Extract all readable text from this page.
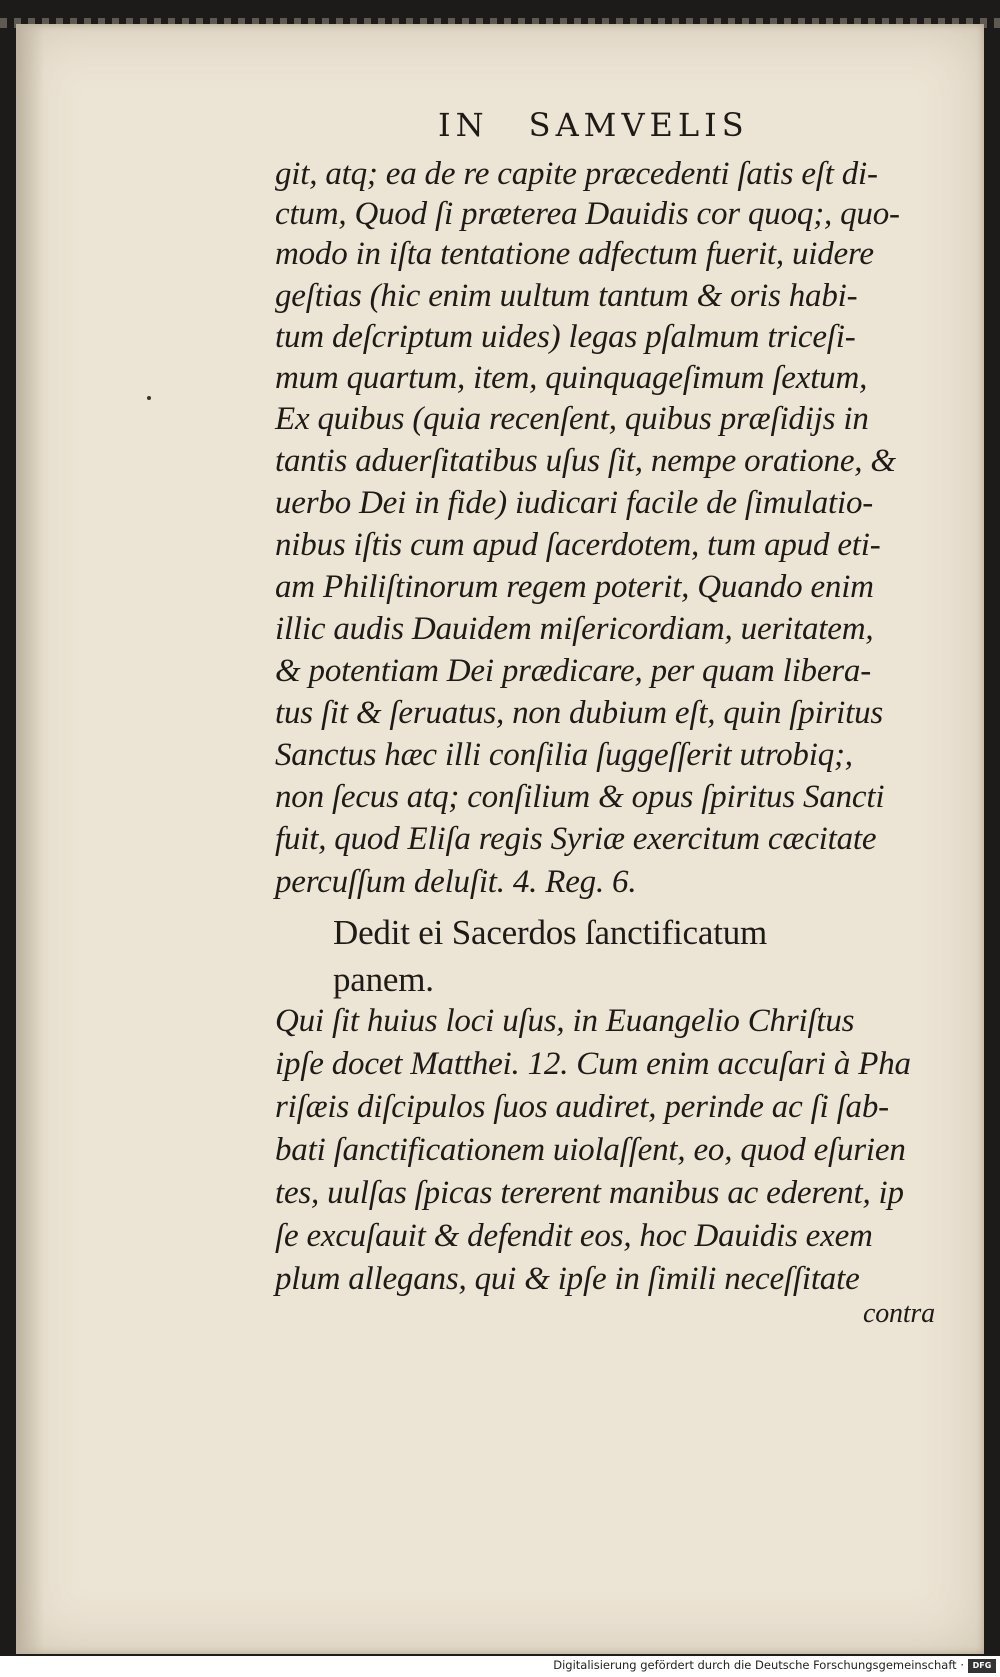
IN SAMVELIS
git, atq; ea de re capite præcedenti ſatis eſt di-
ctum, Quod ſi præterea Dauidis cor quoq;, quo-
modo in iſta tentatione adfectum fuerit, uidere
geſtias (hic enim uultum tantum & oris habi-
tum deſcriptum uides) legas pſalmum triceſi-
mum quartum, item, quinquageſimum ſextum,
Ex quibus (quia recenſent, quibus præſidijs in
tantis aduerſitatibus uſus ſit, nempe oratione, &
uerbo Dei in fide) iudicari facile de ſimulatio-
nibus iſtis cum apud ſacerdotem, tum apud eti-
am Philiſtinorum regem poterit, Quando enim
illic audis Dauidem miſericordiam, ueritatem,
& potentiam Dei prædicare, per quam libera-
tus ſit & ſeruatus, non dubium eſt, quin ſpiritus
Sanctus hæc illi conſilia ſuggeſſerit utrobiq;,
non ſecus atq; conſilium & opus ſpiritus Sancti
fuit, quod Eliſa regis Syriæ exercitum cæcitate
percuſſum deluſit. 4. Reg. 6.
Dedit ei Sacerdos ſanctificatum
panem.
Qui ſit huius loci uſus, in Euangelio Chriſtus
ipſe docet Matthei. 12. Cum enim accuſari à Pha
riſæis diſcipulos ſuos audiret, perinde ac ſi ſab-
bati ſanctificationem uiolaſſent, eo, quod eſurien
tes, uulſas ſpicas tererent manibus ac ederent, ip
ſe excuſauit & defendit eos, hoc Dauidis exem
plum allegans, qui & ipſe in ſimili neceſſitate
contra
Digitalisierung gefördert durch die Deutsche Forschungsgemeinschaft ·	DFG
